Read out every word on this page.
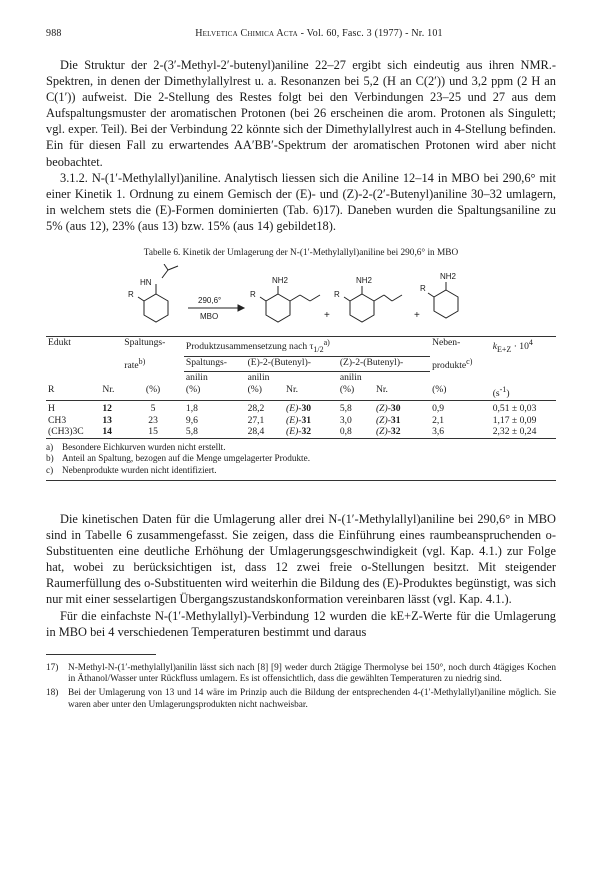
988	Helvetica Chimica Acta - Vol. 60, Fasc. 3 (1977) - Nr. 101

Die Struktur der 2-(3′-Methyl-2′-butenyl)aniline 22–27 ergibt sich eindeutig aus ihren NMR.-Spektren, in denen der Dimethylallylrest u. a. Resonanzen bei 5,2 (H an C(2′)) und 3,2 ppm (2 H an C(1′)) aufweist. Die 2-Stellung des Restes folgt bei den Verbindungen 23–25 und 27 aus dem Aufspaltungsmuster der aromatischen Protonen (bei 26 erscheinen die arom. Protonen als Singulett; vgl. exper. Teil). Bei der Verbindung 22 könnte sich der Dimethylallylrest auch in 4-Stellung befinden. Ein für diesen Fall zu erwartendes AA′BB′-Spektrum der aromatischen Protonen wird aber nicht beobachtet.

3.1.2. N-(1′-Methylallyl)aniline. Analytisch liessen sich die Aniline 12–14 in MBO bei 290,6° mit einer Kinetik 1. Ordnung zu einem Gemisch der (E)- und (Z)-2-(2′-Butenyl)aniline 30–32 umlagern, in welchem stets die (E)-Formen dominierten (Tab. 6)17). Daneben wurden die Spaltungsaniline zu 5% (aus 12), 23% (aus 13) bzw. 15% (aus 14) gebildet18).

Tabelle 6. Kinetik der Umlagerung der N-(1′-Methylallyl)aniline bei 290,6° in MBO
HN
R
290,6°
MBO
NH2
R
+
NH2
R
+
NH2
R
Edukt		Spaltungs-	Produktzusammensetzung nach $\tau_{1/2}^{a)}$					Neben-	$k_{E+Z} \cdot 10^4$
		rate$^{b)}$	Spaltungs-	(E)-2-(Butenyl)-		(Z)-2-(Butenyl)-		produkte$^{c)}$	
			anilin	anilin		anilin			
R	Nr.	(%)	(%)	(%)	Nr.	(%)	Nr.	(%)	$(s^{-1})$

H	12	5	1,8	28,2	(E)-30	5,8	(Z)-30	0,9	0,51 ± 0,03
CH3	13	23	9,6	27,1	(E)-31	3,0	(Z)-31	2,1	1,17 ± 0,09
(CH3)3C	14	15	5,8	28,4	(E)-32	0,8	(Z)-32	3,6	2,32 ± 0,24
a) Besondere Eichkurven wurden nicht erstellt.
b) Anteil an Spaltung, bezogen auf die Menge umgelagerter Produkte.
c) Nebenprodukte wurden nicht identifiziert.

Die kinetischen Daten für die Umlagerung aller drei N-(1′-Methylallyl)aniline bei 290,6° in MBO sind in Tabelle 6 zusammengefasst. Sie zeigen, dass die Einführung eines raumbeanspruchenden o-Substituenten eine deutliche Erhöhung der Umlagerungsgeschwindigkeit (vgl. Kap. 4.1.) zur Folge hat, wobei zu berücksichtigen ist, dass 12 zwei freie o-Stellungen besitzt. Mit steigender Raumerfüllung des o-Substituenten wird weiterhin die Bildung des (E)-Produktes begünstigt, was sich nur mit einer sesselartigen Übergangszustandskonformation vereinbaren lässt (vgl. Kap. 4.1.).

Für die einfachste N-(1′-Methylallyl)-Verbindung 12 wurden die kE+Z-Werte für die Umlagerung in MBO bei 4 verschiedenen Temperaturen bestimmt und daraus

17)	N-Methyl-N-(1′-methylallyl)anilin lässt sich nach [8] [9] weder durch 2tägige Thermolyse bei 150°, noch durch 4tägiges Kochen in Äthanol/Wasser unter Rückfluss umlagern. Es ist offensichtlich, dass die gewählten Temperaturen zu niedrig sind.
18)	Bei der Umlagerung von 13 und 14 wäre im Prinzip auch die Bildung der entsprechenden 4-(1′-Methylallyl)aniline möglich. Sie waren aber unter den Umlagerungsprodukten nicht nachweisbar.
